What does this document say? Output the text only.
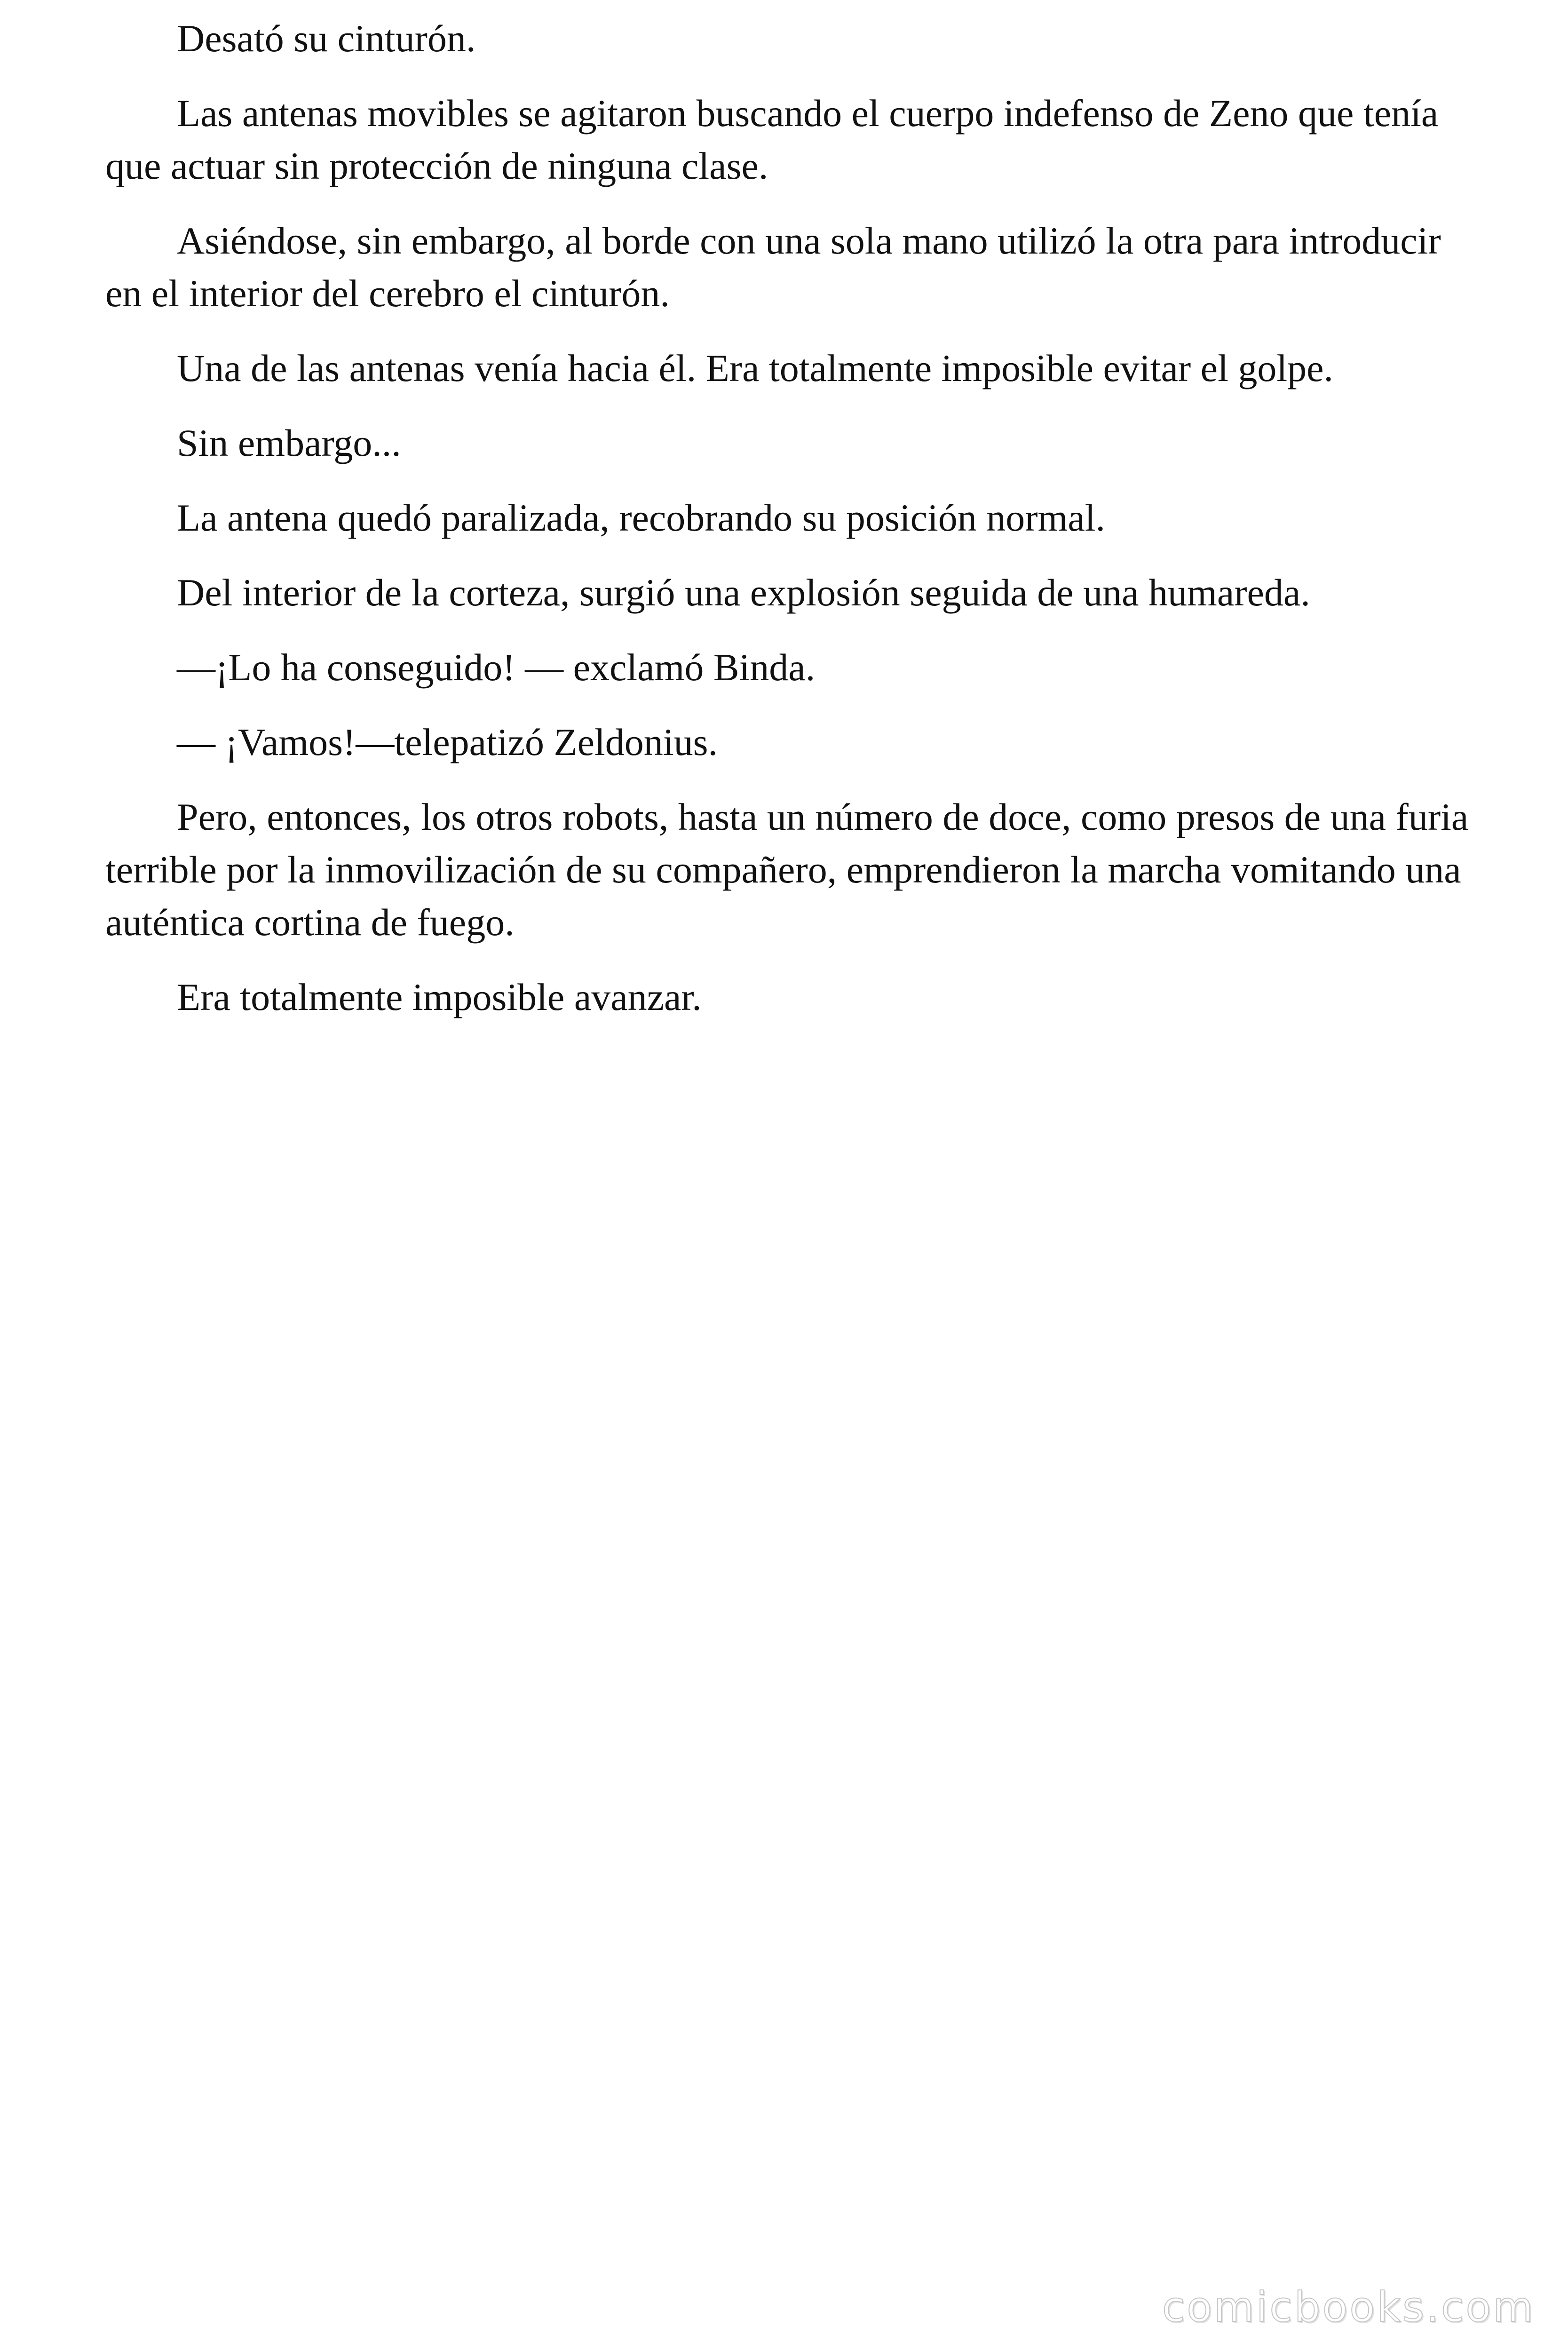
Desató su cinturón.

Las antenas movibles se agitaron buscando el cuerpo indefenso de Zeno que tenía que actuar sin protección de ninguna clase.

Asiéndose, sin embargo, al borde con una sola mano utilizó la otra para introducir en el interior del cerebro el cinturón.

Una de las antenas venía hacia él. Era totalmente imposible evitar el golpe.

Sin embargo...

La antena quedó paralizada, recobrando su posición normal.

Del interior de la corteza, surgió una explosión seguida de una humareda.

—¡Lo ha conseguido! — exclamó Binda.

— ¡Vamos!—telepatizó Zeldonius.

Pero, entonces, los otros robots, hasta un número de doce, como presos de una furia terrible por la inmovilización de su compañero, emprendieron la marcha vomitando una auténtica cortina de fuego.

Era totalmente imposible avanzar.

comicbooks.com
